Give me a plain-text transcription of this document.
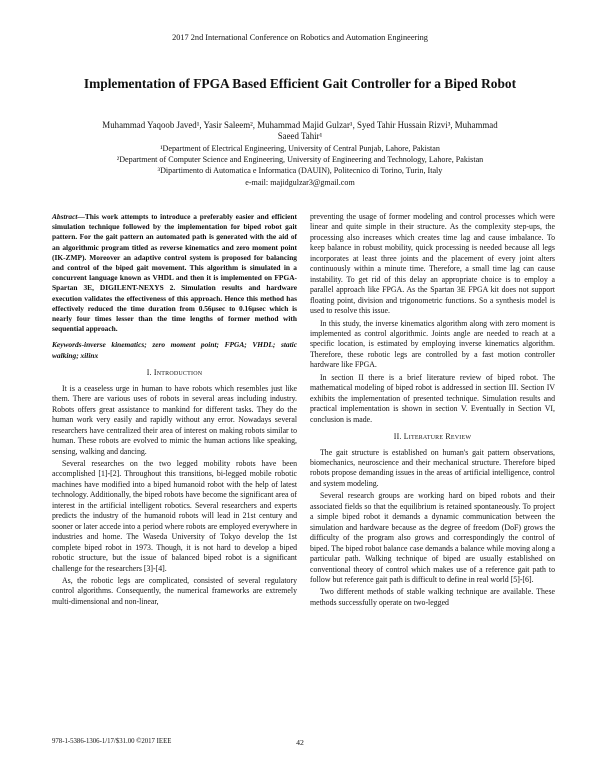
2017 2nd International Conference on Robotics and Automation Engineering
Implementation of FPGA Based Efficient Gait Controller for a Biped Robot
Muhammad Yaqoob Javed¹, Yasir Saleem², Muhammad Majid Gulzar¹, Syed Tahir Hussain Rizvi³, Muhammad
Saeed Tahir¹
¹Department of Electrical Engineering, University of Central Punjab, Lahore, Pakistan
²Department of Computer Science and Engineering, University of Engineering and Technology, Lahore, Pakistan
³Dipartimento di Automatica e Informatica (DAUIN), Politecnico di Torino, Turin, Italy
e-mail: majidgulzar3@gmail.com

Abstract—This work attempts to introduce a preferably easier and efficient simulation technique followed by the implementation for biped robot gait pattern. For the gait pattern an automated path is generated with the aid of an algorithmic program titled as reverse kinematics and zero moment point (IK-ZMP). Moreover an adaptive control system is proposed for balancing and control of the biped gait movement. This algorithm is simulated in a concurrent language known as VHDL and then it is implemented on FPGA- Spartan 3E, DIGILENT-NEXYS 2. Simulation results and hardware execution validates the effectiveness of this approach. Hence this method has effectively reduced the time duration from 0.56µsec to 0.16µsec which is nearly four times lesser than the time lengths of former method with sequential approach.

Keywords-inverse kinematics; zero moment point; FPGA; VHDL; static walking; xilinx

I. Introduction

It is a ceaseless urge in human to have robots which resembles just like them. There are various uses of robots in several areas including industry. Robots offers great assistance to mankind for different tasks. They do the human work very easily and rapidly without any error. Nowadays several researchers have centralized their area of interest on making robots similar to human. These robots are evolved to mimic the human actions like speaking, sensing, walking and dancing.

Several researches on the two legged mobility robots have been accomplished [1]-[2]. Throughout this transitions, bi-legged mobile robotic machines have modified into a biped humanoid robot with the help of latest technology. Additionally, the biped robots have become the significant area of interest in the artificial intelligent robotics. Several researchers and experts predicts the industry of the humanoid robots will lead in 21st century and sooner or later accede into a period where robots are employed everywhere in industries and home. The Waseda University of Tokyo develop the 1st complete biped robot in 1973. Though, it is not hard to develop a biped robotic structure, but the issue of balanced biped robot is a significant challenge for the researchers [3]-[4].

As, the robotic legs are complicated, consisted of several regulatory control algorithms. Consequently, the numerical frameworks are extremely multi-dimensional and non-linear,

preventing the usage of former modeling and control processes which were linear and quite simple in their structure. As the complexity step-ups, the processing also increases which creates time lag and cause imbalance. To keep balance in robust mobility, quick processing is needed because all legs incorporates at least three joints and the placement of every joint alters continuously within a minute time. Therefore, a small time lag can cause instability. To get rid of this delay an appropriate choice is to employ a parallel approach like FPGA. As the Spartan 3E FPGA kit does not support floating point, division and trigonometric functions. So a synthesis model is used to resolve this issue.

In this study, the inverse kinematics algorithm along with zero moment is implemented as control algorithmic. Joints angle are needed to reach at a specific location, is estimated by employing inverse kinematics algorithm. Therefore, these robotic legs are controlled by a fast motion controller hardware like FPGA.

In section II there is a brief literature review of biped robot. The mathematical modeling of biped robot is addressed in section III. Section IV exhibits the implementation of presented technique. Simulation results and practical implementation is shown in section V. Eventually in Section VI, conclusion is made.

II. Literature Review

The gait structure is established on human's gait pattern observations, biomechanics, neuroscience and their mechanical structure. Therefore biped robots propose demanding issues in the areas of artificial intelligence, control and system modeling.

Several research groups are working hard on biped robots and their associated fields so that the equilibrium is retained spontaneously. To project a simple biped robot it demands a dynamic communication between the simulation and hardware because as the degree of freedom (DoF) grows the difficulty of the program also grows and correspondingly the control of biped. The biped robot balance case demands a balance while moving along a particular path. Walking technique of biped are usually established on conventional theory of control which makes use of a reference gait path to follow but reference gait path is difficult to define in real world [5]-[6].

Two different methods of stable walking technique are available. These methods successfully operate on two-legged

978-1-5386-1306-1/17/$31.00 ©2017 IEEE	42
